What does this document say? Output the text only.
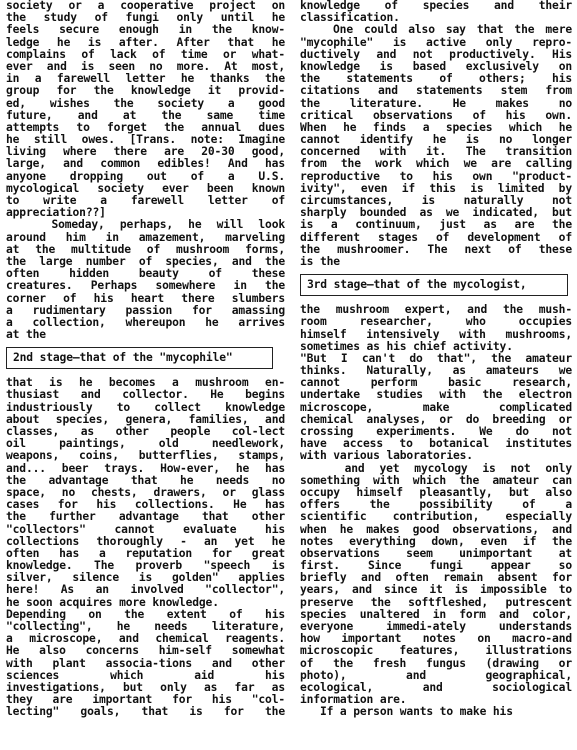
society or a cooperative project on
the study of fungi only until he
feels secure enough in the know-
ledge he is after. After that he
complains of lack of time or what-
ever and is seen no more. At most,
in a farewell letter he thanks the
group for the knowledge it provid-
ed, wishes the society a good
future, and at the same time
attempts to forget the annual dues
he still owes. [Trans. note: Imagine
living where there are 20-30 good,
large, and common edibles! And has
anyone dropping out of a U.S.
mycological society ever been known
to write a farewell letter of
appreciation??]
Someday, perhaps, he will look
around him in amazement, marveling
at the multitude of mushroom forms,
the large number of species, and the
often hidden beauty of these
creatures. Perhaps somewhere in the
corner of his heart there slumbers
a rudimentary passion for amassing
a collection, whereupon he arrives
at the
2nd stage—that of the "mycophile"
that is he becomes a mushroom en-
thusiast and collector. He begins
industriously to collect knowledge
about species, genera, families, and
classes, as other people col-lect
oil paintings, old needlework,
weapons, coins, butterflies, stamps,
and... beer trays. How-ever, he has
the advantage that he needs no
space, no chests, drawers, or glass
cases for his collections. He has
the further advantage that other
"collectors" cannot evaluate his
collections thoroughly - an yet he
often has a reputation for great
knowledge. The proverb "speech is
silver, silence is golden" applies
here! As an involved "collector",
he soon acquires more knowledge.
Depending on the extent of his
"collecting", he needs literature,
a microscope, and chemical reagents.
He also concerns him-self somewhat
with plant associa-tions and other
sciences which aid his
investigations, but only as far as
they are important for his "col-
lecting" goals, that is for the
knowledge of species and their
classification.
One could also say that the mere
"mycophile" is active only repro-
ductively and not productively. His
knowledge is based exclusively on
the statements of others; his
citations and statements stem from
the literature. He makes no
critical observations of his own.
When he finds a species which he
cannot identify he is no longer
concerned with it. The transition
from the work which we are calling
reproductive to his own "product-
ivity", even if this is limited by
circumstances, is naturally not
sharply bounded as we indicated, but
is a continuum, just as are the
different stages of development of
the mushroomer. The next of these
is the
3rd stage—that of the mycologist,
the mushroom expert, and the mush-
room researcher, who occupies
himself intensively with mushrooms,
sometimes as his chief activity.
"But I can't do that", the amateur
thinks. Naturally, as amateurs we
cannot perform basic research,
undertake studies with the electron
microscope, make complicated
chemical analyses, or do breeding or
crossing experiments. We do not
have access to botanical institutes
with various laboratories.
and yet mycology is not only
something with which the amateur can
occupy himself pleasantly, but also
offers the possibility of a
scientific contribution, especially
when he makes good observations, and
notes everything down, even if the
observations seem unimportant at
first. Since fungi appear so
briefly and often remain absent for
years, and since it is impossible to
preserve the softfleshed, putrescent
species unaltered in form and color,
everyone immedi-ately understands
how important notes on macro-and
microscopic features, illustrations
of the fresh fungus (drawing or
photo), and geographical,
ecological, and sociological
information are.
If a person wants to make his
